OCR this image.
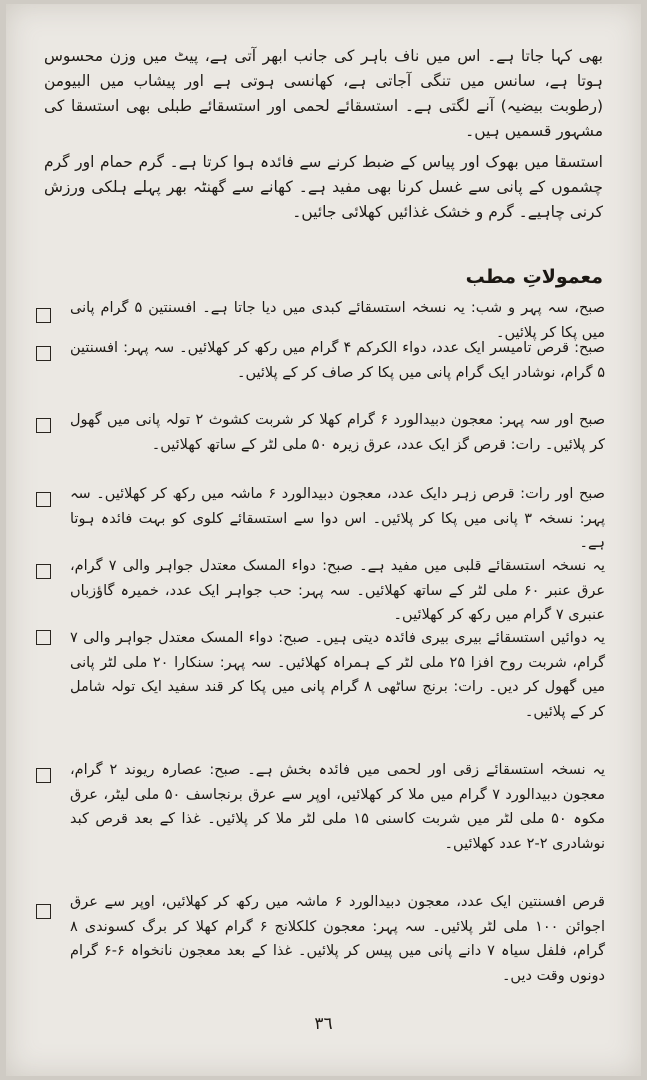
بھی کہا جاتا ہے۔ اس میں ناف باہر کی جانب ابھر آتی ہے، پیٹ میں وزن محسوس ہوتا ہے، سانس میں تنگی آجاتی ہے، کھانسی ہوتی ہے اور پیشاب میں البیومن (رطوبت بیضیہ) آنے لگتی ہے۔ استسقائے لحمی اور استسقائے طبلی بھی استسقا کی مشہور قسمیں ہیں۔

استسقا میں بھوک اور پیاس کے ضبط کرنے سے فائدہ ہوا کرتا ہے۔ گرم حمام اور گرم چشموں کے پانی سے غسل کرنا بھی مفید ہے۔ کھانے سے گھنٹہ بھر پہلے ہلکی ورزش کرنی چاہیے۔ گرم و خشک غذائیں کھلائی جائیں۔

معمولاتِ مطب

صبح، سہ پہر و شب: یہ نسخہ استسقائے کبدی میں دیا جاتا ہے۔ افسنتین ۵ گرام پانی میں پکا کر پلائیں۔

صبح: قرص تامیسر ایک عدد، دواء الکرکم ۴ گرام میں رکھ کر کھلائیں۔ سہ پہر: افسنتین ۵ گرام، نوشادر ایک گرام پانی میں پکا کر صاف کر کے پلائیں۔

صبح اور سہ پہر: معجون دبیدالورد ۶ گرام کھلا کر شربت کشوث ۲ تولہ پانی میں گھول کر پلائیں۔ رات: قرص گز ایک عدد، عرق زیرہ ۵۰ ملی لٹر کے ساتھ کھلائیں۔

صبح اور رات: قرص زہر دایک عدد، معجون دبیدالورد ۶ ماشہ میں رکھ کر کھلائیں۔ سہ پہر: نسخہ ۳ پانی میں پکا کر پلائیں۔ اس دوا سے استسقائے کلوی کو بہت فائدہ ہوتا ہے۔

یہ نسخہ استسقائے قلبی میں مفید ہے۔ صبح: دواء المسک معتدل جواہر والی ۷ گرام، عرق عنبر ۶۰ ملی لٹر کے ساتھ کھلائیں۔ سہ پہر: حب جواہر ایک عدد، خمیرہ گاؤزباں عنبری ۷ گرام میں رکھ کر کھلائیں۔

یہ دوائیں استسقائے بیری بیری فائدہ دیتی ہیں۔ صبح: دواء المسک معتدل جواہر والی ۷ گرام، شربت روح افزا ۲۵ ملی لٹر کے ہمراہ کھلائیں۔ سہ پہر: سنکارا ۲۰ ملی لٹر پانی میں گھول کر دیں۔ رات: برنج ساٹھی ۸ گرام پانی میں پکا کر قند سفید ایک تولہ شامل کر کے پلائیں۔

یہ نسخہ استسقائے زقی اور لحمی میں فائدہ بخش ہے۔ صبح: عصارہ ریوند ۲ گرام، معجون دبیدالورد ۷ گرام میں ملا کر کھلائیں، اوپر سے عرق برنجاسف ۵۰ ملی لیٹر، عرق مکوہ ۵۰ ملی لٹر میں شربت کاسنی ۱۵ ملی لٹر ملا کر پلائیں۔ غذا کے بعد قرص کبد نوشادری ۲-۲ عدد کھلائیں۔

قرص افسنتین ایک عدد، معجون دبیدالورد ۶ ماشہ میں رکھ کر کھلائیں، اوپر سے عرق اجوائن ۱۰۰ ملی لٹر پلائیں۔ سہ پہر: معجون کلکلانج ۶ گرام کھلا کر برگ کسوندی ۸ گرام، فلفل سیاہ ۷ دانے پانی میں پیس کر پلائیں۔ غذا کے بعد معجون نانخواہ ۶-۶ گرام دونوں وقت دیں۔

٣٦
